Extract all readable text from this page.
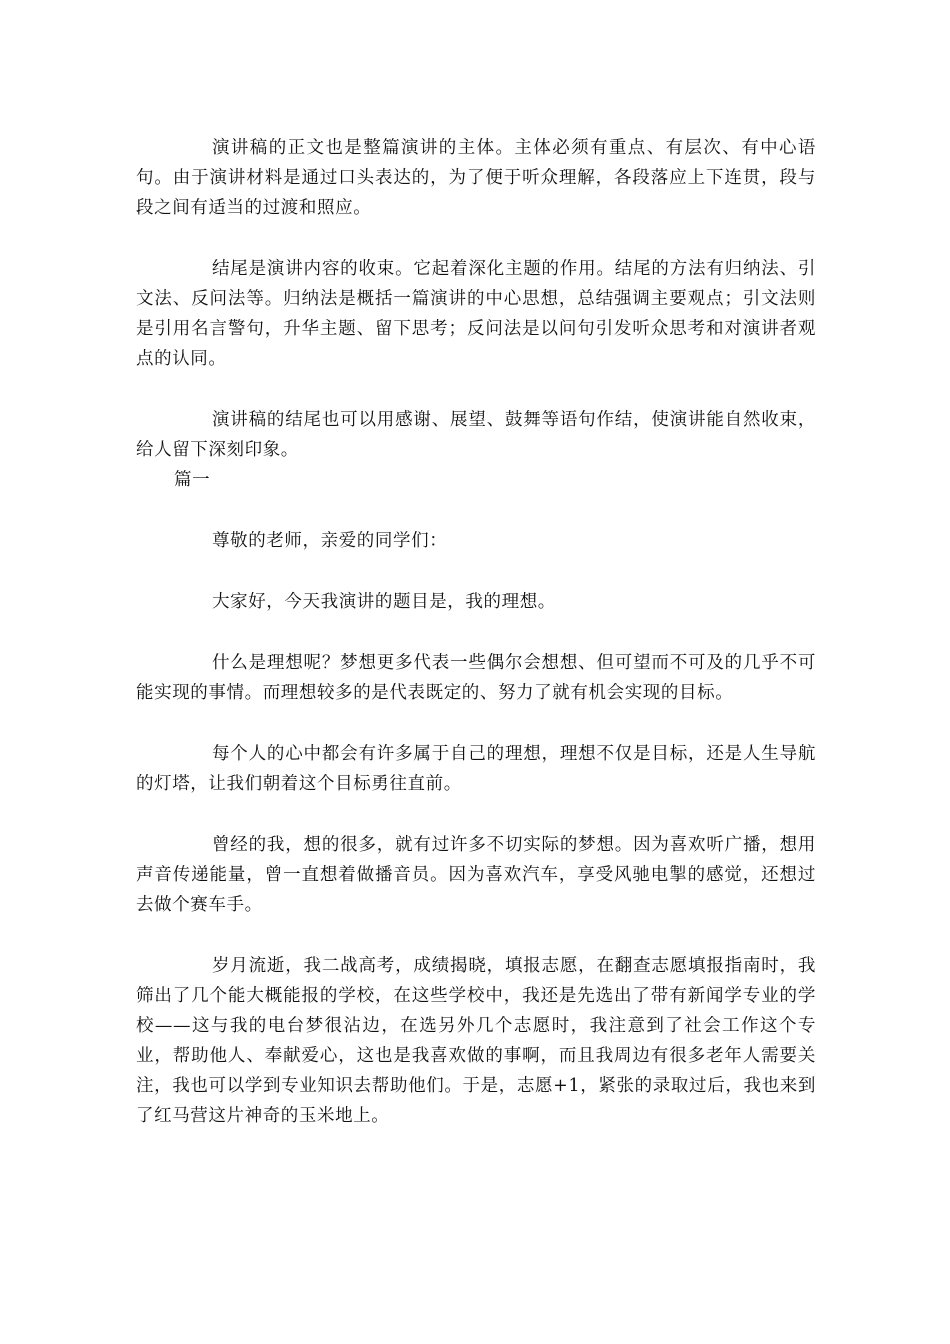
演讲稿的正文也是整篇演讲的主体。主体必须有重点、有层次、有中心语句。由于演讲材料是通过口头表达的，为了便于听众理解，各段落应上下连贯，段与段之间有适当的过渡和照应。

结尾是演讲内容的收束。它起着深化主题的作用。结尾的方法有归纳法、引文法、反问法等。归纳法是概括一篇演讲的中心思想，总结强调主要观点；引文法则是引用名言警句，升华主题、留下思考；反问法是以问句引发听众思考和对演讲者观点的认同。

演讲稿的结尾也可以用感谢、展望、鼓舞等语句作结，使演讲能自然收束，给人留下深刻印象。

篇一

尊敬的老师，亲爱的同学们：

大家好，今天我演讲的题目是，我的理想。

什么是理想呢？梦想更多代表一些偶尔会想想、但可望而不可及的几乎不可能实现的事情。而理想较多的是代表既定的、努力了就有机会实现的目标。

每个人的心中都会有许多属于自己的理想，理想不仅是目标，还是人生导航的灯塔，让我们朝着这个目标勇往直前。

曾经的我，想的很多，就有过许多不切实际的梦想。因为喜欢听广播，想用声音传递能量，曾一直想着做播音员。因为喜欢汽车，享受风驰电掣的感觉，还想过去做个赛车手。

岁月流逝，我二战高考，成绩揭晓，填报志愿，在翻查志愿填报指南时，我筛出了几个能大概能报的学校，在这些学校中，我还是先选出了带有新闻学专业的学校——这与我的电台梦很沾边，在选另外几个志愿时，我注意到了社会工作这个专业，帮助他人、奉献爱心，这也是我喜欢做的事啊，而且我周边有很多老年人需要关注，我也可以学到专业知识去帮助他们。于是，志愿+1，紧张的录取过后，我也来到了红马营这片神奇的玉米地上。
